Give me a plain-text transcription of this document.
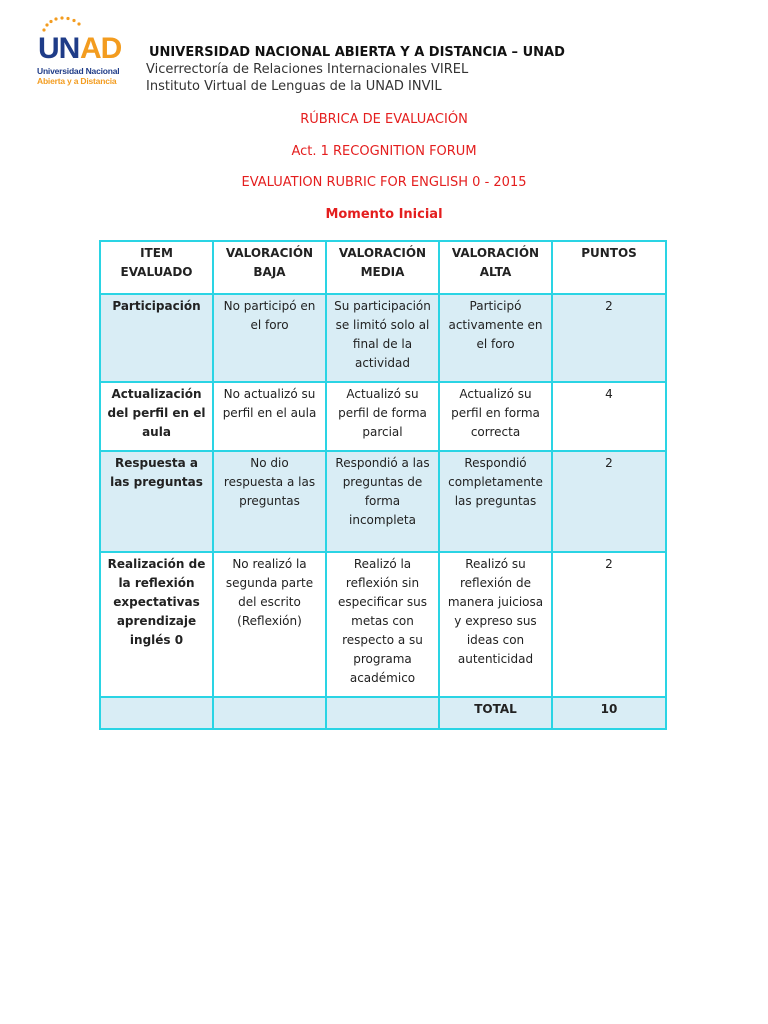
UN AD
Universidad Nacional
Abierta y a Distancia
UNIVERSIDAD NACIONAL ABIERTA Y A DISTANCIA – UNAD
Vicerrectoría de Relaciones Internacionales VIREL
Instituto Virtual de Lenguas de la UNAD INVIL
RÚBRICA DE EVALUACIÓN
Act. 1 RECOGNITION FORUM
EVALUATION RUBRIC FOR ENGLISH 0 - 2015
Momento Inicial
ITEM EVALUADO	VALORACIÓN BAJA	VALORACIÓN MEDIA	VALORACIÓN ALTA	PUNTOS
Participación	No participó en el foro	Su participación se limitó solo al final de la actividad	Participó activamente en el foro	2
Actualización del perfil en el aula	No actualizó su perfil en el aula	Actualizó su perfil de forma parcial	Actualizó su perfil en forma correcta	4
Respuesta a las preguntas	No dio respuesta a las preguntas	Respondió a las preguntas de forma incompleta	Respondió completamente las preguntas	2
Realización de la reflexión expectativas aprendizaje inglés 0	No realizó la segunda parte del escrito (Reflexión)	Realizó la reflexión sin especificar sus metas con respecto a su programa académico	Realizó su reflexión de manera juiciosa y expreso sus ideas con autenticidad	2
			TOTAL	10
